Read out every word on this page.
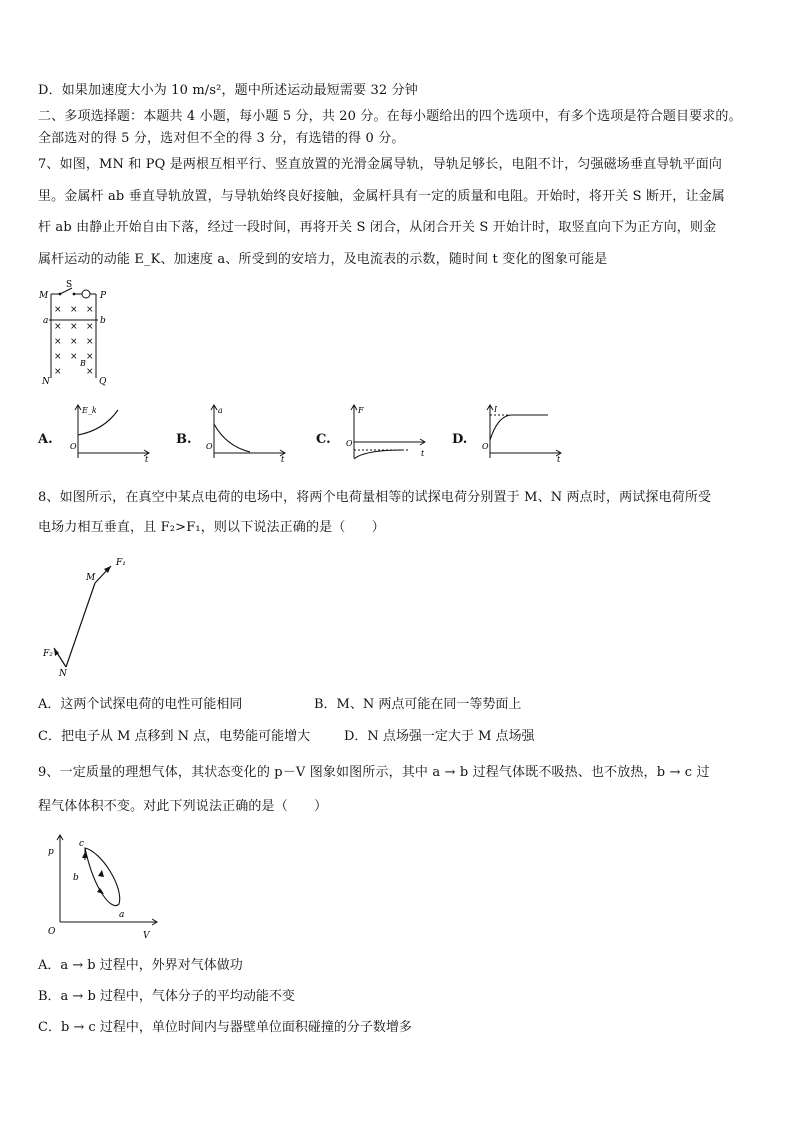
D．如果加速度大小为 10 m/s²，题中所述运动最短需要 32 分钟
二、多项选择题：本题共 4 小题，每小题 5 分，共 20 分。在每小题给出的四个选项中，有多个选项是符合题目要求的。
全部选对的得 5 分，选对但不全的得 3 分，有选错的得 0 分。
7、如图，MN 和 PQ 是两根互相平行、竖直放置的光滑金属导轨，导轨足够长，电阻不计，匀强磁场垂直导轨平面向
里。金属杆 ab 垂直导轨放置，与导轨始终良好接触，金属杆具有一定的质量和电阻。开始时，将开关 S 断开，让金属
杆 ab 由静止开始自由下落，经过一段时间，再将开关 S 闭合，从闭合开关 S 开始计时，取竖直向下为正方向，则金
属杆运动的动能 E_K、加速度 a、所受到的安培力，及电流表的示数，随时间 t 变化的图象可能是
M
S
P
a	b
N	Q
B
× × ×
× × ×
× × ×
× × ×
×	×
A.
E_k
O
t
B.
a
O
t
C.
F
O
t
D.
I
O
t
8、如图所示，在真空中某点电荷的电场中，将两个电荷量相等的试探电荷分别置于 M、N 两点时，两试探电荷所受
电场力相互垂直，且 F₂>F₁，则以下说法正确的是（　　）
F₁
M
F₂
N
A．这两个试探电荷的电性可能相同	B．M、N 两点可能在同一等势面上
C．把电子从 M 点移到 N 点，电势能可能增大	D．N 点场强一定大于 M 点场强
9、一定质量的理想气体，其状态变化的 p－V 图象如图所示，其中 a → b 过程气体既不吸热、也不放热，b → c 过
程气体体积不变。对此下列说法正确的是（　　）
p
c
b
a
O	V
A．a → b 过程中，外界对气体做功
B．a → b 过程中，气体分子的平均动能不变
C．b → c 过程中，单位时间内与器壁单位面积碰撞的分子数增多
